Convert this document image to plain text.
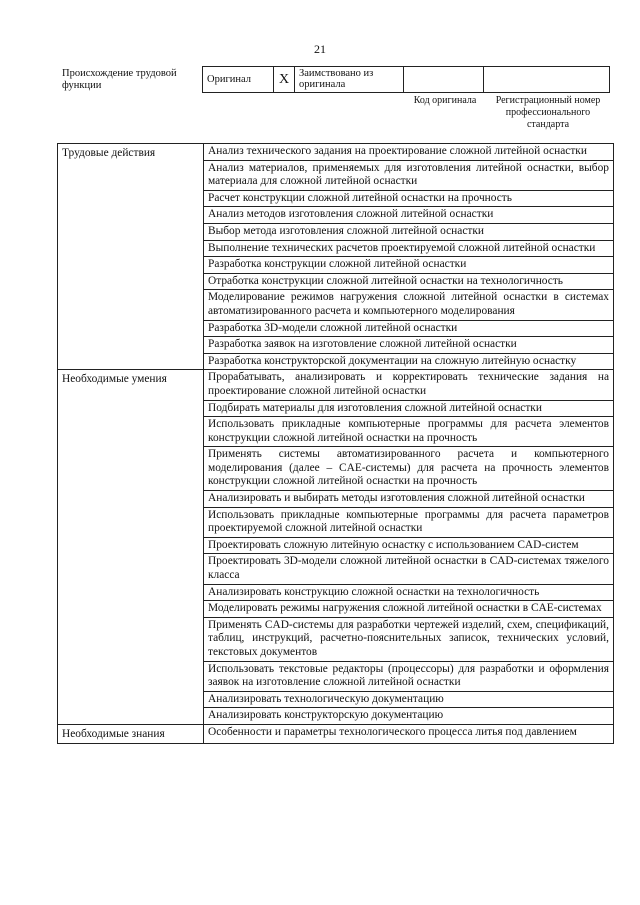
21
Происхождение трудовой функции
Оригинал	X	Заимствовано из оригинала		
Код оригинала	Регистрационный номер профессионального стандарта
Трудовые действия	Анализ технического задания на проектирование сложной литейной оснастки
	Анализ материалов, применяемых для изготовления литейной оснастки, выбор материала для сложной литейной оснастки
	Расчет конструкции сложной литейной оснастки на прочность
	Анализ методов изготовления сложной литейной оснастки
	Выбор метода изготовления сложной литейной оснастки
	Выполнение технических расчетов проектируемой сложной литейной оснастки
	Разработка конструкции сложной литейной оснастки
	Отработка конструкции сложной литейной оснастки на технологичность
	Моделирование режимов нагружения сложной литейной оснастки в системах автоматизированного расчета и компьютерного моделирования
	Разработка 3D-модели сложной литейной оснастки
	Разработка заявок на изготовление сложной литейной оснастки
	Разработка конструкторской документации на сложную литейную оснастку
Необходимые умения	Прорабатывать, анализировать и корректировать технические задания на проектирование сложной литейной оснастки
	Подбирать материалы для изготовления сложной литейной оснастки
	Использовать прикладные компьютерные программы для расчета элементов конструкции сложной литейной оснастки на прочность
	Применять системы автоматизированного расчета и компьютерного моделирования (далее – CAE-системы) для расчета на прочность элементов конструкции сложной литейной оснастки на прочность
	Анализировать и выбирать методы изготовления сложной литейной оснастки
	Использовать прикладные компьютерные программы для расчета параметров проектируемой сложной литейной оснастки
	Проектировать сложную литейную оснастку с использованием CAD-систем
	Проектировать 3D-модели сложной литейной оснастки в CAD-системах тяжелого класса
	Анализировать конструкцию сложной оснастки на технологичность
	Моделировать режимы нагружения сложной литейной оснастки в CAE-системах
	Применять CAD-системы для разработки чертежей изделий, схем, спецификаций, таблиц, инструкций, расчетно-пояснительных записок, технических условий, текстовых документов
	Использовать текстовые редакторы (процессоры) для разработки и оформления заявок на изготовление сложной литейной оснастки
	Анализировать технологическую документацию
	Анализировать конструкторскую документацию
Необходимые знания	Особенности и параметры технологического процесса литья под давлением
